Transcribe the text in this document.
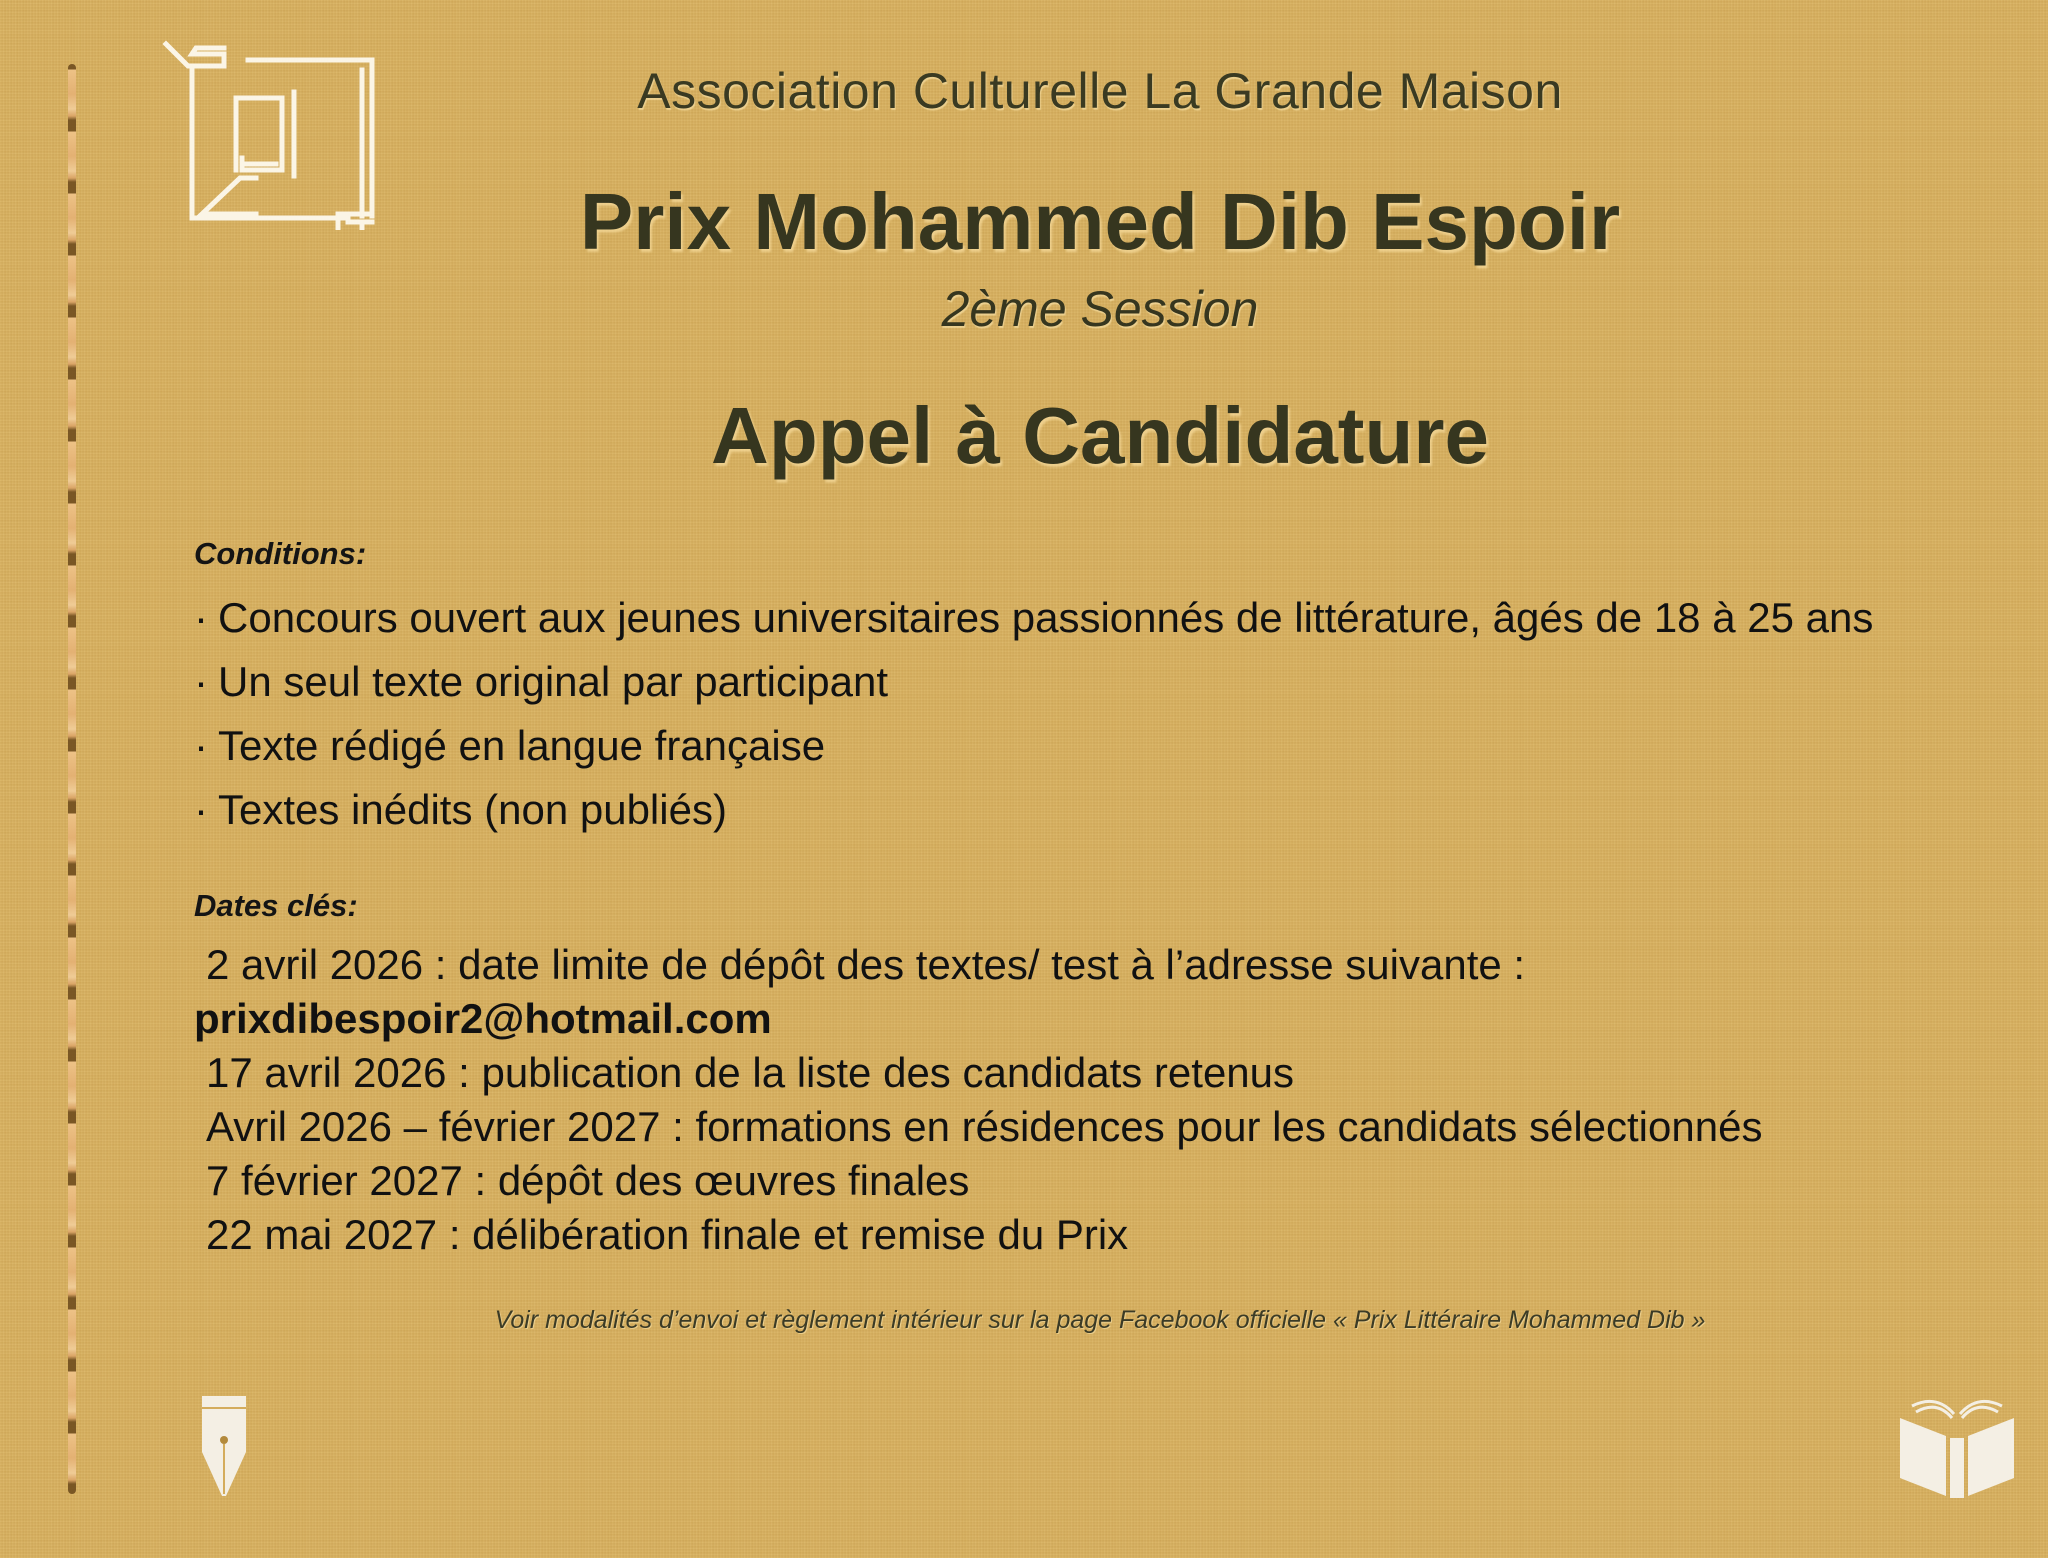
Association Culturelle La Grande Maison
Prix Mohammed Dib Espoir
2ème Session
Appel à Candidature
Conditions:
· Concours ouvert aux jeunes universitaires passionnés de littérature, âgés de 18 à 25 ans
· Un seul texte original par participant
· Texte rédigé en langue française
· Textes inédits (non publiés)
Dates clés:
2 avril 2026 : date limite de dépôt des textes/ test à l’adresse suivante :
prixdibespoir2@hotmail.com
17 avril 2026 : publication de la liste des candidats retenus
Avril 2026 – février 2027 : formations en résidences pour les candidats sélectionnés
7 février 2027 : dépôt des œuvres finales
22 mai 2027 : délibération finale et remise du Prix
Voir modalités d’envoi et règlement intérieur sur la page Facebook officielle « Prix Littéraire Mohammed Dib »
